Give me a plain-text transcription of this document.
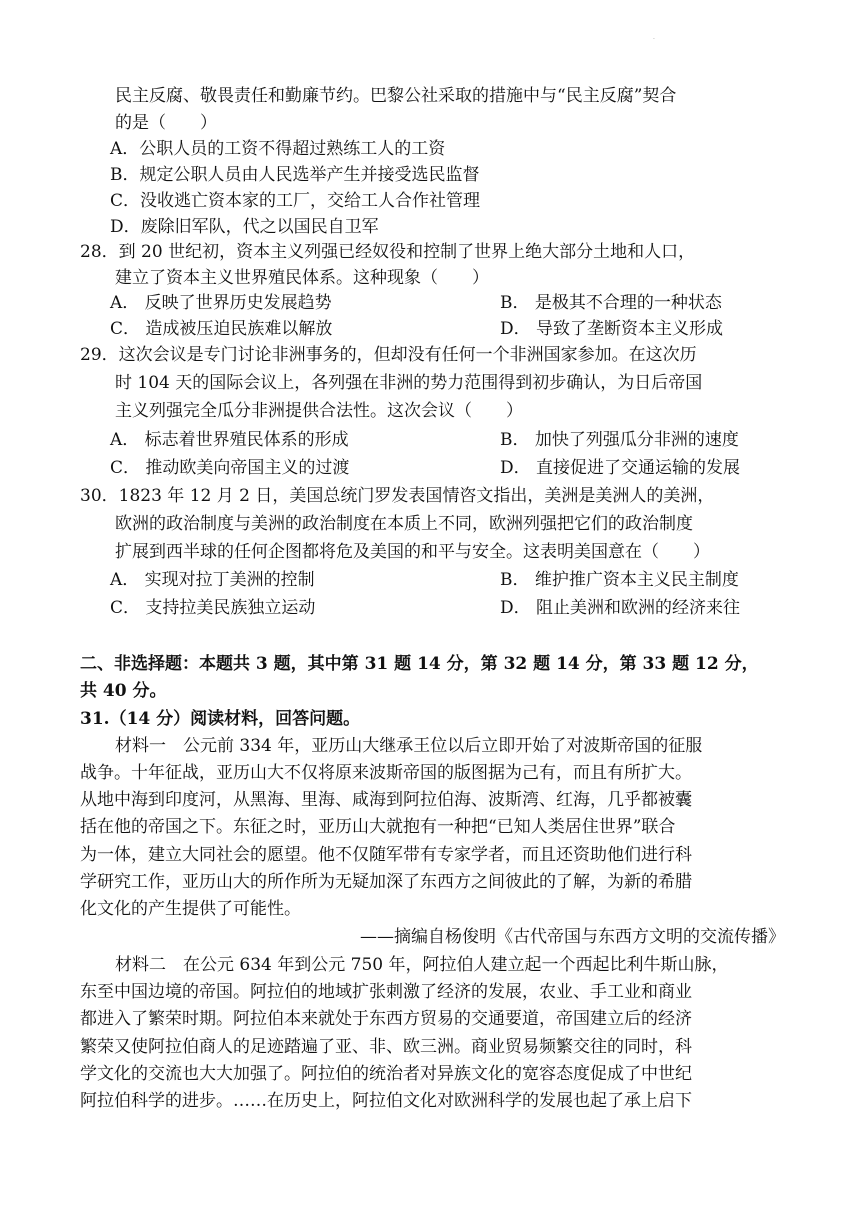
.
民主反腐、敬畏责任和勤廉节约。巴黎公社采取的措施中与“民主反腐”契合
的是（　　）
A．公职人员的工资不得超过熟练工人的工资
B．规定公职人员由人民选举产生并接受选民监督
C．没收逃亡资本家的工厂，交给工人合作社管理
D．废除旧军队，代之以国民自卫军
28．到 20 世纪初，资本主义列强已经奴役和控制了世界上绝大部分土地和人口，
建立了资本主义世界殖民体系。这种现象（　　）
A． 反映了世界历史发展趋势	B． 是极其不合理的一种状态
C． 造成被压迫民族难以解放	D． 导致了垄断资本主义形成
29．这次会议是专门讨论非洲事务的，但却没有任何一个非洲国家参加。在这次历
时 104 天的国际会议上，各列强在非洲的势力范围得到初步确认，为日后帝国
主义列强完全瓜分非洲提供合法性。这次会议（　　）
A． 标志着世界殖民体系的形成	B． 加快了列强瓜分非洲的速度
C． 推动欧美向帝国主义的过渡	D． 直接促进了交通运输的发展
30．1823 年 12 月 2 日，美国总统门罗发表国情咨文指出，美洲是美洲人的美洲，
欧洲的政治制度与美洲的政治制度在本质上不同，欧洲列强把它们的政治制度
扩展到西半球的任何企图都将危及美国的和平与安全。这表明美国意在（　　）
A． 实现对拉丁美洲的控制	B． 维护推广资本主义民主制度
C． 支持拉美民族独立运动	D． 阻止美洲和欧洲的经济来往
二、非选择题：本题共 3 题，其中第 31 题 14 分，第 32 题 14 分，第 33 题 12 分，
共 40 分。
31.（14 分）阅读材料，回答问题。
材料一　公元前 334 年，亚历山大继承王位以后立即开始了对波斯帝国的征服
战争。十年征战，亚历山大不仅将原来波斯帝国的版图据为己有，而且有所扩大。
从地中海到印度河，从黑海、里海、咸海到阿拉伯海、波斯湾、红海，几乎都被囊
括在他的帝国之下。东征之时，亚历山大就抱有一种把“已知人类居住世界”联合
为一体，建立大同社会的愿望。他不仅随军带有专家学者，而且还资助他们进行科
学研究工作，亚历山大的所作所为无疑加深了东西方之间彼此的了解，为新的希腊
化文化的产生提供了可能性。
——摘编自杨俊明《古代帝国与东西方文明的交流传播》
材料二　在公元 634 年到公元 750 年，阿拉伯人建立起一个西起比利牛斯山脉，
东至中国边境的帝国。阿拉伯的地域扩张刺激了经济的发展，农业、手工业和商业
都进入了繁荣时期。阿拉伯本来就处于东西方贸易的交通要道，帝国建立后的经济
繁荣又使阿拉伯商人的足迹踏遍了亚、非、欧三洲。商业贸易频繁交往的同时，科
学文化的交流也大大加强了。阿拉伯的统治者对异族文化的宽容态度促成了中世纪
阿拉伯科学的进步。……在历史上，阿拉伯文化对欧洲科学的发展也起了承上启下
